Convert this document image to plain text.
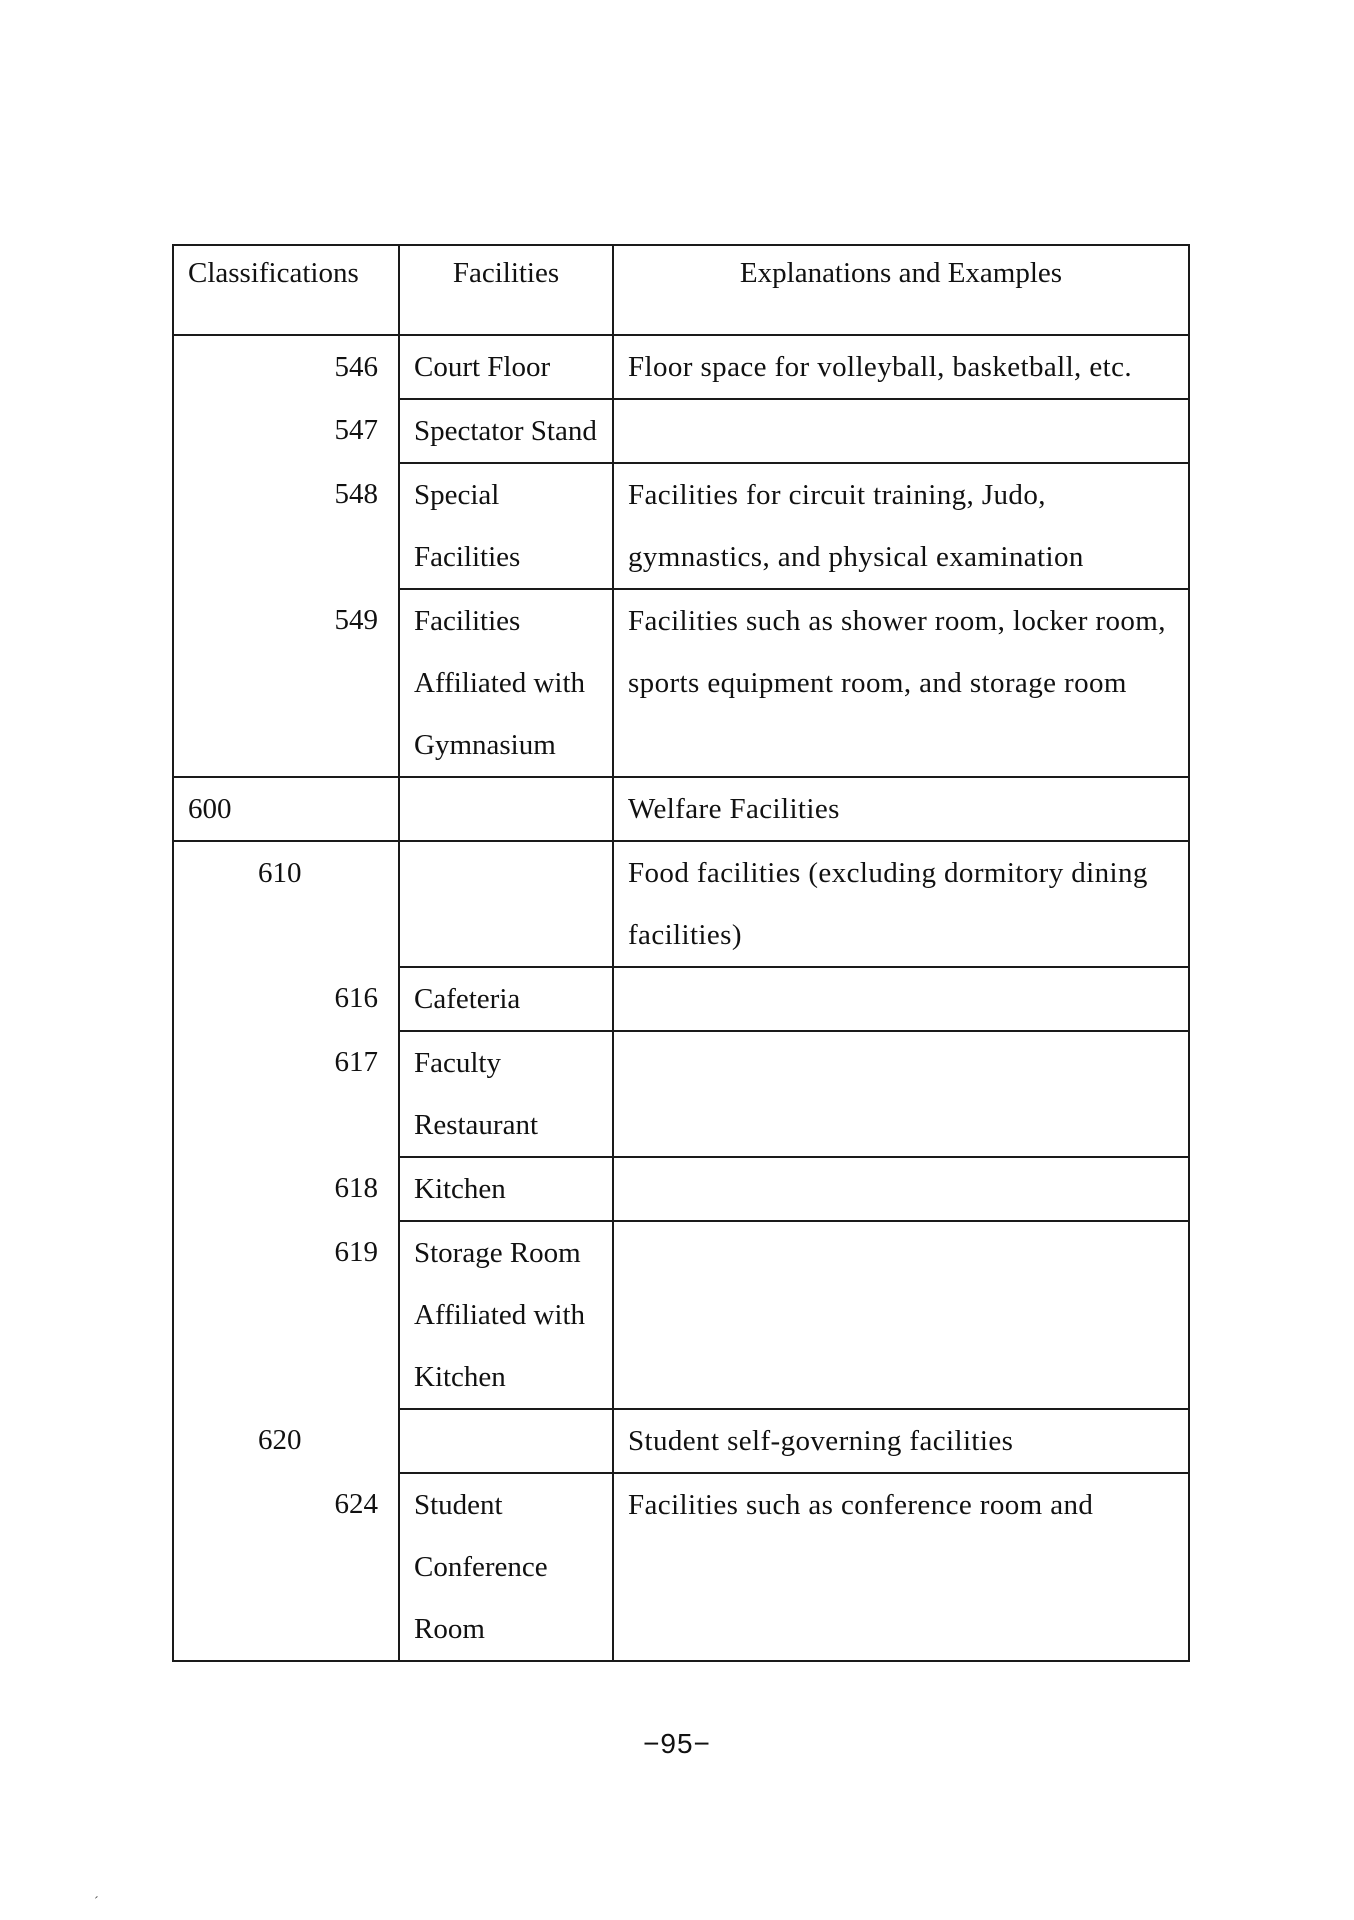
Classifications	Facilities	Explanations and Examples

546	Court Floor	Floor space for volleyball, basketball, etc.

547	Spectator Stand	

548	Special Facilities	Facilities for circuit training, Judo, gymnastics, and physical examination

549	Facilities Affiliated with Gymnasium	Facilities such as shower room, locker room, sports equipment room, and storage room

600		Welfare Facilities

610		Food facilities (excluding dormitory dining facilities)

616	Cafeteria	

617	Faculty Restaurant	

618	Kitchen	

619	Storage Room Affiliated with Kitchen	

620		Student self-governing facilities

624	Student Conference Room	Facilities such as conference room and
−95−
ˊ
